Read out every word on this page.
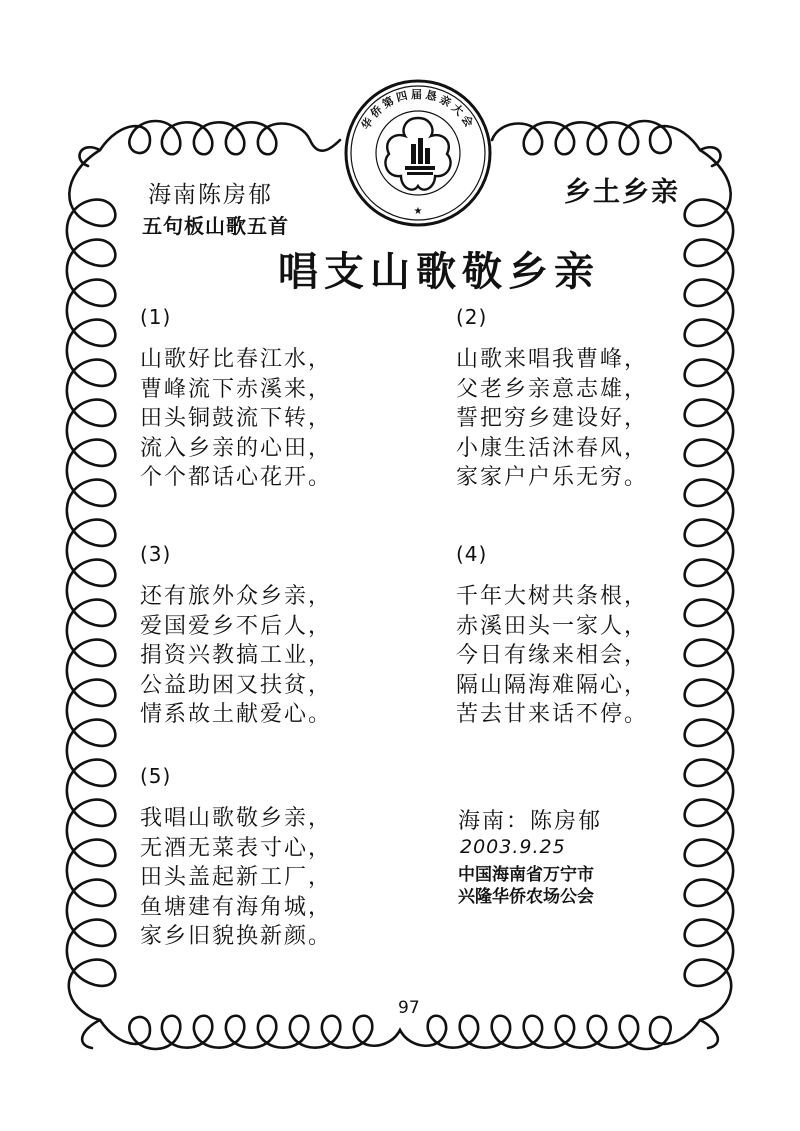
★
华侨第四届恳亲大会
海南陈房郁
五句板山歌五首
乡土乡亲
唱支山歌敬乡亲
(1)
山歌好比春江水，
曹峰流下赤溪来，
田头铜鼓流下转，
流入乡亲的心田，
个个都话心花开。
(2)
山歌来唱我曹峰，
父老乡亲意志雄，
誓把穷乡建设好，
小康生活沐春风，
家家户户乐无穷。
(3)
还有旅外众乡亲，
爱国爱乡不后人，
捐资兴教搞工业，
公益助困又扶贫，
情系故土献爱心。
(4)
千年大树共条根，
赤溪田头一家人，
今日有缘来相会，
隔山隔海难隔心，
苦去甘来话不停。
(5)
我唱山歌敬乡亲，
无酒无菜表寸心，
田头盖起新工厂，
鱼塘建有海角城，
家乡旧貌换新颜。
海南：陈房郁
2003.9.25
中国海南省万宁市
兴隆华侨农场公会
97
